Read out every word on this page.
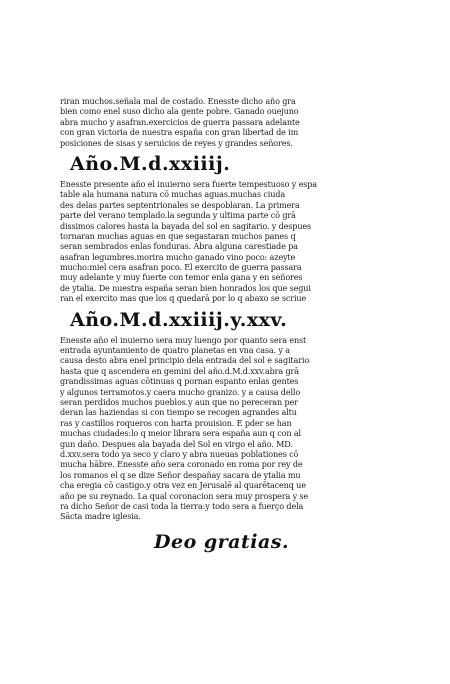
riran muchos.señala mal de costado. Enesste dicho año gra
bien como enel suso dicho ala gente pobre. Ganado ouejuno
abra mucho y asafran.exercicios de guerra passara adelante
con gran victoria de nuestra españa con gran libertad de im
posiciones de sisas y seruicios de reyes y grandes señores.
Año.M.d.xxiiij.
Enesste presente año el inuierno sera fuerte tempestuoso y espa
table ala humana natura cō muchas aguas.muchas ciuda
des delas partes septentrionales se despoblaran. La primera
parte del verano templado.la segunda y ultima parte cō grā
dissimos calores hasta la bayada del sol en sagitario. y despues
tornaran muchas aguas en que segastaran muchos panes q
seran sembrados enlas fonduras. Abra alguna carestiade pa
asafran legumbres.morira mucho ganado vino poco: azeyte
mucho:miel cera asafran poco. El exercito de guerra passara
muy adelante y muy fuerte con temor enla gana y en señores
de ytalia. De nuestra españa seran bien honrados los que segui
ran el exercito mas que los q quedarā por lo q abaxo se scriue
Año.M.d.xxiiij.y.xxv.
Enesste año el inuierno sera muy luengo por quanto sera enst
entrada ayuntamiento de quatro planetas en vna casa. y a
causa desto abra enel principio dela entrada del sol e sagitario
hasta que q ascendera en gemini del año.d.M.d.xxv.abra grā
grandissimas aguas cōtinuas q pornan espanto enlas gentes
y algunos terramotos.y caera mucho granizo. y a causa dello
seran perdidos muchos pueblos.y aun que no pereceran per
deran las haziendas si con tiempo se recogen agrandes altu
ras y castillos roqueros con harta prouision. E pder se han
muchas ciudades:lo q meior librara sera españa aun q con al
gun daño. Despues ala bayada del Sol en virgo el año. MD.
d.xxv.sera todo ya seco y claro y abra nueuas poblationes cō
mucha hābre. Enesste año sera coronado en roma por rey de
los romanos el q se dize Señor despañay sacara de ytalia mu
cha eregia cō castigo.y otra vez en Jerusalē al quarētacenq ue
año pe su reynado. La qual coronacion sera muy prospera y se
ra dicho Señor de casi toda la tierra:y todo sera a fuerço dela
Sācta madre iglesia.
Deo gratias.
